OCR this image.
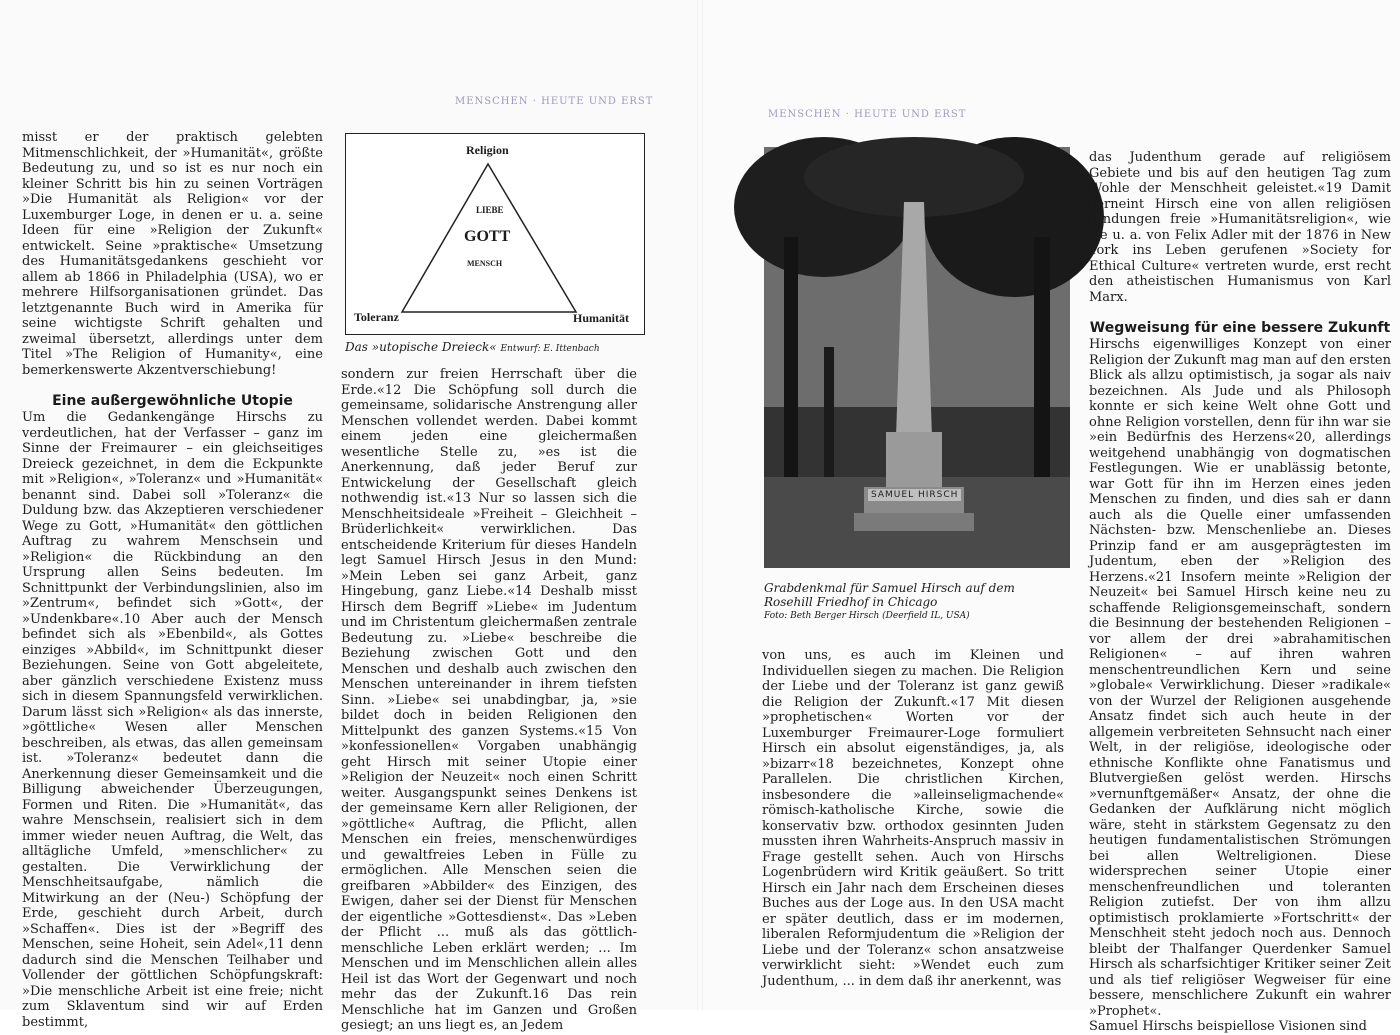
MENSCHEN · HEUTE UND ERST
MENSCHEN · HEUTE UND ERST

misst er der praktisch gelebten Mitmenschlichkeit, der »Humanität«, größte Bedeutung zu, und so ist es nur noch ein kleiner Schritt bis hin zu seinen Vorträgen »Die Humanität als Religion« vor der Luxemburger Loge, in denen er u. a. seine Ideen für eine »Religion der Zukunft« entwickelt. Seine »praktische« Umsetzung des Humanitätsgedankens geschieht vor allem ab 1866 in Philadelphia (USA), wo er mehrere Hilfsorganisationen gründet. Das letztgenannte Buch wird in Amerika für seine wichtigste Schrift gehalten und zweimal übersetzt, allerdings unter dem Titel »The Religion of Humanity«, eine bemerkenswerte Akzentverschiebung!

Eine außergewöhnliche Utopie

Um die Gedankengänge Hirschs zu verdeutlichen, hat der Verfasser – ganz im Sinne der Freimaurer – ein gleichseitiges Dreieck gezeichnet, in dem die Eckpunkte mit »Religion«, »Toleranz« und »Humanität« benannt sind. Dabei soll »Toleranz« die Duldung bzw. das Akzeptieren verschiedener Wege zu Gott, »Humanität« den göttlichen Auftrag zu wahrem Menschsein und »Religion« die Rückbindung an den Ursprung allen Seins bedeuten. Im Schnittpunkt der Verbindungslinien, also im »Zentrum«, befindet sich »Gott«, der »Undenkbare«.10 Aber auch der Mensch befindet sich als »Ebenbild«, als Gottes einziges »Abbild«, im Schnittpunkt dieser Beziehungen. Seine von Gott abgeleitete, aber gänzlich verschiedene Existenz muss sich in diesem Spannungsfeld verwirklichen. Darum lässt sich »Religion« als das innerste, »göttliche« Wesen aller Menschen beschreiben, als etwas, das allen gemeinsam ist. »Toleranz« bedeutet dann die Anerkennung dieser Gemeinsamkeit und die Billigung abweichender Überzeugungen, Formen und Riten. Die »Humanität«, das wahre Menschsein, realisiert sich in dem immer wieder neuen Auftrag, die Welt, das alltägliche Umfeld, »menschlicher« zu gestalten. Die Verwirklichung der Menschheitsaufgabe, nämlich die Mitwirkung an der (Neu-) Schöpfung der Erde, geschieht durch Arbeit, durch »Schaffen«. Dies ist der »Begriff des Menschen, seine Hoheit, sein Adel«,11 denn dadurch sind die Menschen Teilhaber und Vollender der göttlichen Schöpfungskraft: »Die menschliche Arbeit ist eine freie; nicht zum Sklaventum sind wir auf Erden bestimmt,

Religion
Toleranz	Humanität
LIEBE
GOTT
MENSCH
Das »utopische Dreieck« Entwurf: E. Ittenbach

sondern zur freien Herrschaft über die Erde.«12 Die Schöpfung soll durch die gemeinsame, solidarische Anstrengung aller Menschen vollendet werden. Dabei kommt einem jeden eine gleichermaßen wesentliche Stelle zu, »es ist die Anerkennung, daß jeder Beruf zur Entwickelung der Gesellschaft gleich nothwendig ist.«13 Nur so lassen sich die Menschheitsideale »Freiheit – Gleichheit – Brüderlichkeit« verwirklichen. Das entscheidende Kriterium für dieses Handeln legt Samuel Hirsch Jesus in den Mund: »Mein Leben sei ganz Arbeit, ganz Hingebung, ganz Liebe.«14 Deshalb misst Hirsch dem Begriff »Liebe« im Judentum und im Christentum gleichermaßen zentrale Bedeutung zu. »Liebe« beschreibe die Beziehung zwischen Gott und den Menschen und deshalb auch zwischen den Menschen untereinander in ihrem tiefsten Sinn. »Liebe« sei unabdingbar, ja, »sie bildet doch in beiden Religionen den Mittelpunkt des ganzen Systems.«15 Von »konfessionellen« Vorgaben unabhängig geht Hirsch mit seiner Utopie einer »Religion der Neuzeit« noch einen Schritt weiter. Ausgangspunkt seines Denkens ist der gemeinsame Kern aller Religionen, der »göttliche« Auftrag, die Pflicht, allen Menschen ein freies, menschenwürdiges und gewaltfreies Leben in Fülle zu ermöglichen. Alle Menschen seien die greifbaren »Abbilder« des Einzigen, des Ewigen, daher sei der Dienst für Menschen der eigentliche »Gottesdienst«. Das »Leben der Pflicht ... muß als das göttlich-menschliche Leben erklärt werden; ... Im Menschen und im Menschlichen allein alles Heil ist das Wort der Gegenwart und noch mehr das der Zukunft.16 Das rein Menschliche hat im Ganzen und Großen gesiegt; an uns liegt es, an Jedem

SAMUEL HIRSCH
Grabdenkmal für Samuel Hirsch auf dem Rosehill Friedhof in Chicago
Foto: Beth Berger Hirsch (Deerfield IL, USA)

von uns, es auch im Kleinen und Individuellen siegen zu machen. Die Religion der Liebe und der Toleranz ist ganz gewiß die Religion der Zukunft.«17 Mit diesen »prophetischen« Worten vor der Luxemburger Freimaurer-Loge formuliert Hirsch ein absolut eigenständiges, ja, als »bizarr«18 bezeichnetes, Konzept ohne Parallelen. Die christlichen Kirchen, insbesondere die »alleinseligmachende« römisch-katholische Kirche, sowie die konservativ bzw. orthodox gesinnten Juden mussten ihren Wahrheits-Anspruch massiv in Frage gestellt sehen. Auch von Hirschs Logenbrüdern wird Kritik geäußert. So tritt Hirsch ein Jahr nach dem Erscheinen dieses Buches aus der Loge aus. In den USA macht er später deutlich, dass er im modernen, liberalen Reformjudentum die »Religion der Liebe und der Toleranz« schon ansatzweise verwirklicht sieht: »Wendet euch zum Judenthum, ... in dem daß ihr anerkennt, was

das Judenthum gerade auf religiösem Gebiete und bis auf den heutigen Tag zum Wohle der Menschheit geleistet.«19 Damit verneint Hirsch eine von allen religiösen Bindungen freie »Humanitätsreligion«, wie sie u. a. von Felix Adler mit der 1876 in New York ins Leben gerufenen »Society for Ethical Culture« vertreten wurde, erst recht den atheistischen Humanismus von Karl Marx.

Wegweisung für eine bessere Zukunft

Hirschs eigenwilliges Konzept von einer Religion der Zukunft mag man auf den ersten Blick als allzu optimistisch, ja sogar als naiv bezeichnen. Als Jude und als Philosoph konnte er sich keine Welt ohne Gott und ohne Religion vorstellen, denn für ihn war sie »ein Bedürfnis des Herzens«20, allerdings weitgehend unabhängig von dogmatischen Festlegungen. Wie er unablässig betonte, war Gott für ihn im Herzen eines jeden Menschen zu finden, und dies sah er dann auch als die Quelle einer umfassenden Nächsten- bzw. Menschenliebe an. Dieses Prinzip fand er am ausgeprägtesten im Judentum, eben der »Religion des Herzens.«21 Insofern meinte »Religion der Neuzeit« bei Samuel Hirsch keine neu zu schaffende Religionsgemeinschaft, sondern die Besinnung der bestehenden Religionen – vor allem der drei »abrahamitischen Religionen« – auf ihren wahren menschentreundlichen Kern und seine »globale« Verwirklichung. Dieser »radikale« von der Wurzel der Religionen ausgehende Ansatz findet sich auch heute in der allgemein verbreiteten Sehnsucht nach einer Welt, in der religiöse, ideologische oder ethnische Konflikte ohne Fanatismus und Blutvergießen gelöst werden. Hirschs »vernunftgemäßer« Ansatz, der ohne die Gedanken der Aufklärung nicht möglich wäre, steht in stärkstem Gegensatz zu den heutigen fundamentalistischen Strömungen bei allen Weltreligionen. Diese widersprechen seiner Utopie einer menschenfreundlichen und toleranten Religion zutiefst. Der von ihm allzu optimistisch proklamierte »Fortschritt« der Menschheit steht jedoch noch aus. Dennoch bleibt der Thalfanger Querdenker Samuel Hirsch als scharfsichtiger Kritiker seiner Zeit und als tief religiöser Wegweiser für eine bessere, menschlichere Zukunft ein wahrer »Prophet«.

Samuel Hirschs beispiellose Visionen sind
